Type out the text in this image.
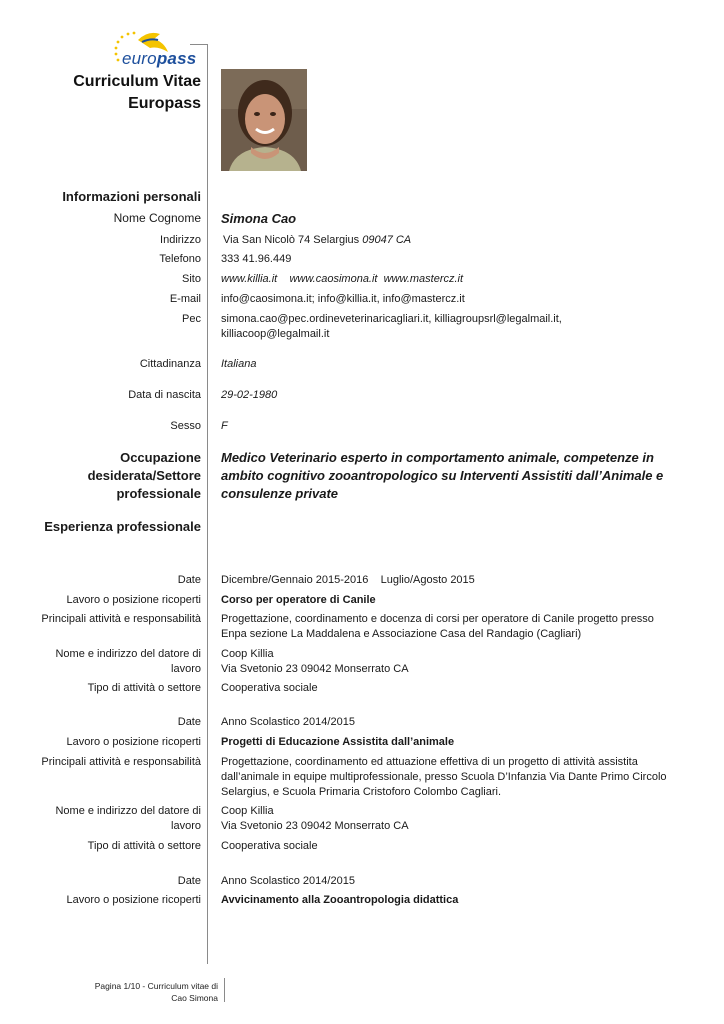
europass
Curriculum Vitae
Europass
Informazioni personali
Nome Cognome Simona Cao
Indirizzo Via San Nicolò 74 Selargius 09047 CA
Telefono 333 41.96.449
Sito www.killia.it    www.caosimona.it  www.mastercz.it
E-mail info@caosimona.it; info@killia.it, info@mastercz.it
Pec simona.cao@pec.ordineveterinaricagliari.it, killiagroupsrl@legalmail.it,
killiacoop@legalmail.it
Cittadinanza Italiana
Data di nascita 29-02-1980
Sesso F
Occupazione
desiderata/Settore
professionale
Medico Veterinario esperto in comportamento animale, competenze in
ambito cognitivo zooantropologico su Interventi Assistiti dall’Animale e
consulenze private
Esperienza professionale
Date Dicembre/Gennaio 2015-2016    Luglio/Agosto 2015
Lavoro o posizione ricoperti Corso per operatore di Canile
Principali attività e responsabilità Progettazione, coordinamento e docenza di corsi per operatore di Canile progetto presso
Enpa sezione La Maddalena e Associazione Casa del Randagio (Cagliari)
Nome e indirizzo del datore di
lavoro
Coop Killia
Via Svetonio 23 09042 Monserrato CA
Tipo di attività o settore Cooperativa sociale
Date Anno Scolastico 2014/2015
Lavoro o posizione ricoperti Progetti di Educazione Assistita dall’animale
Principali attività e responsabilità Progettazione, coordinamento ed attuazione effettiva di un progetto di attività assistita
dall’animale in equipe multiprofessionale, presso Scuola D’Infanzia Via Dante Primo Circolo
Selargius, e Scuola Primaria Cristoforo Colombo Cagliari.
Nome e indirizzo del datore di
lavoro
Coop Killia
Via Svetonio 23 09042 Monserrato CA
Tipo di attività o settore Cooperativa sociale
Date Anno Scolastico 2014/2015
Lavoro o posizione ricoperti Avvicinamento alla Zooantropologia didattica
Pagina 1/10 - Curriculum vitae di
Cao Simona
